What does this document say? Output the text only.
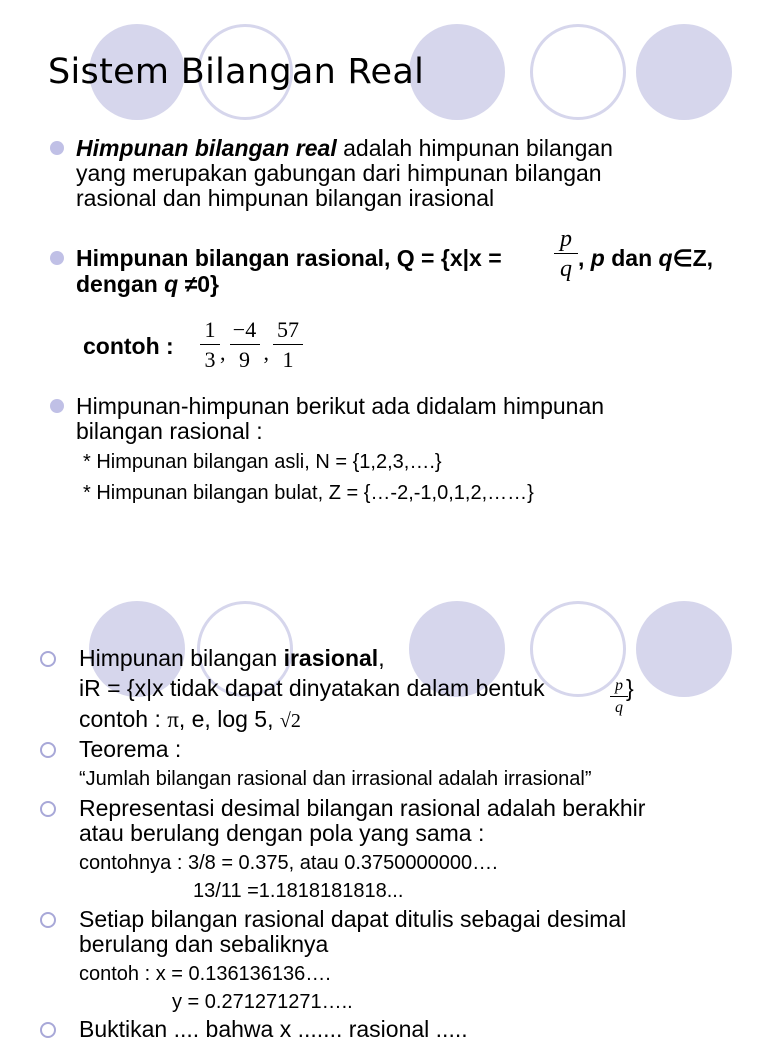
Sistem Bilangan Real
Himpunan bilangan real adalah himpunan bilangan
yang merupakan gabungan dari himpunan bilangan
rasional dan himpunan bilangan irasional
Himpunan bilangan rasional, $Q = \{x|x = \frac{p}{q}$ , p dan q∈Z,
dengan q ≠0}
contoh : $\frac{1}{3}$ , $\frac{-4}{9}$ , $\frac{57}{1}$
Himpunan-himpunan berikut ada didalam himpunan
bilangan rasional :
* Himpunan bilangan asli, N = {1,2,3,….}
* Himpunan bilangan bulat, Z = {…-2,-1,0,1,2,……}
Himpunan bilangan irasional,
iR = {x|x tidak dapat dinyatakan dalam bentuk	$\frac{p}{q}$
}
contoh : π, e, log 5, √2
Teorema :
“Jumlah bilangan rasional dan irrasional adalah irrasional”
Representasi desimal bilangan rasional adalah berakhir
atau berulang dengan pola yang sama :
contohnya : 3/8 = 0.375, atau 0.3750000000….
13/11 =1.1818181818...
Setiap bilangan rasional dapat ditulis sebagai desimal
berulang dan sebaliknya
contoh : x = 0.136136136….
y = 0.271271271…..
Buktikan .... bahwa x ....... rasional .....
